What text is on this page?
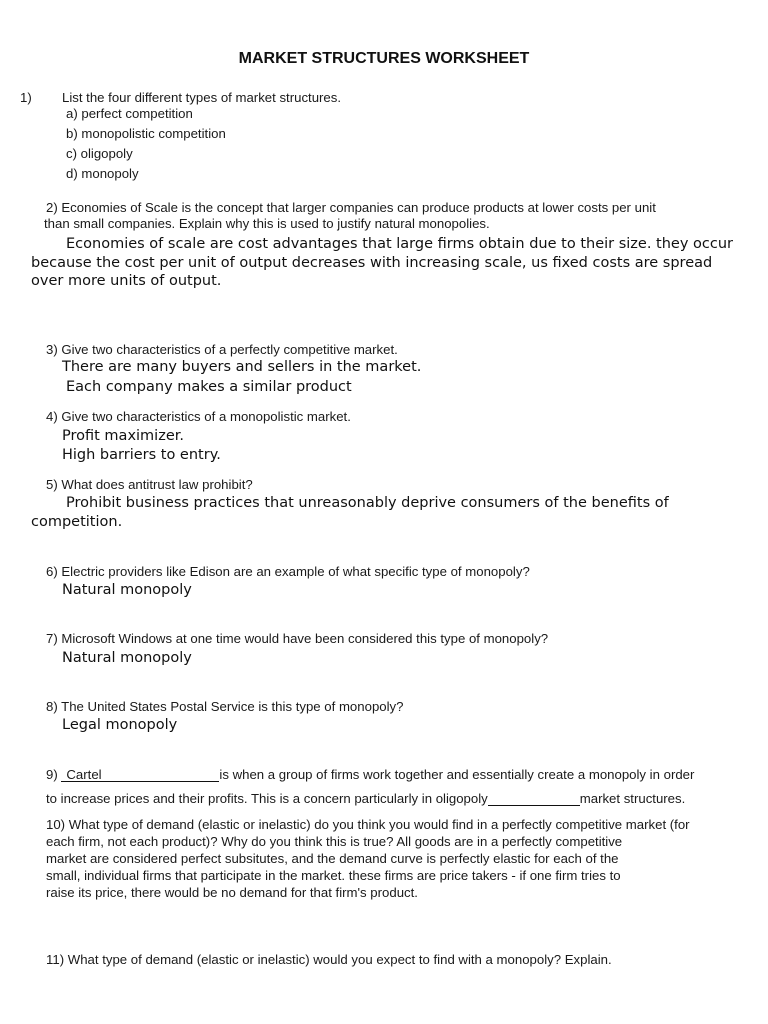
MARKET STRUCTURES WORKSHEET
1) List the four different types of market structures.
a) perfect competition
b) monopolistic competition
c) oligopoly
d) monopoly
2) Economies of Scale is the concept that larger companies can produce products at lower costs per unit
than small companies. Explain why this is used to justify natural monopolies.
Economies of scale are cost advantages that large firms obtain due to their size. they occur
because the cost per unit of output decreases with increasing scale, us fixed costs are spread
over more units of output.
3) Give two characteristics of a perfectly competitive market.
There are many buyers and sellers in the market.
Each company makes a similar product
4) Give two characteristics of a monopolistic market.
Profit maximizer.
High barriers to entry.
5) What does antitrust law prohibit?
Prohibit business practices that unreasonably deprive consumers of the benefits of
competition.
6) Electric providers like Edison are an example of what specific type of monopoly?
Natural monopoly
7) Microsoft Windows at one time would have been considered this type of monopoly?
Natural monopoly
8) The United States Postal Service is this type of monopoly?
Legal monopoly
9) Cartel	is when a group of firms work together and essentially create a monopoly in order
to increase prices and their profits. This is a concern particularly in oligopoly	market structures.
10) What type of demand (elastic or inelastic) do you think you would find in a perfectly competitive market (for
each firm, not each product)? Why do you think this is true? All goods are in a perfectly competitive
market are considered perfect subsitutes, and the demand curve is perfectly elastic for each of the
small, individual firms that participate in the market. these firms are price takers - if one firm tries to
raise its price, there would be no demand for that firm's product.
11) What type of demand (elastic or inelastic) would you expect to find with a monopoly? Explain.
